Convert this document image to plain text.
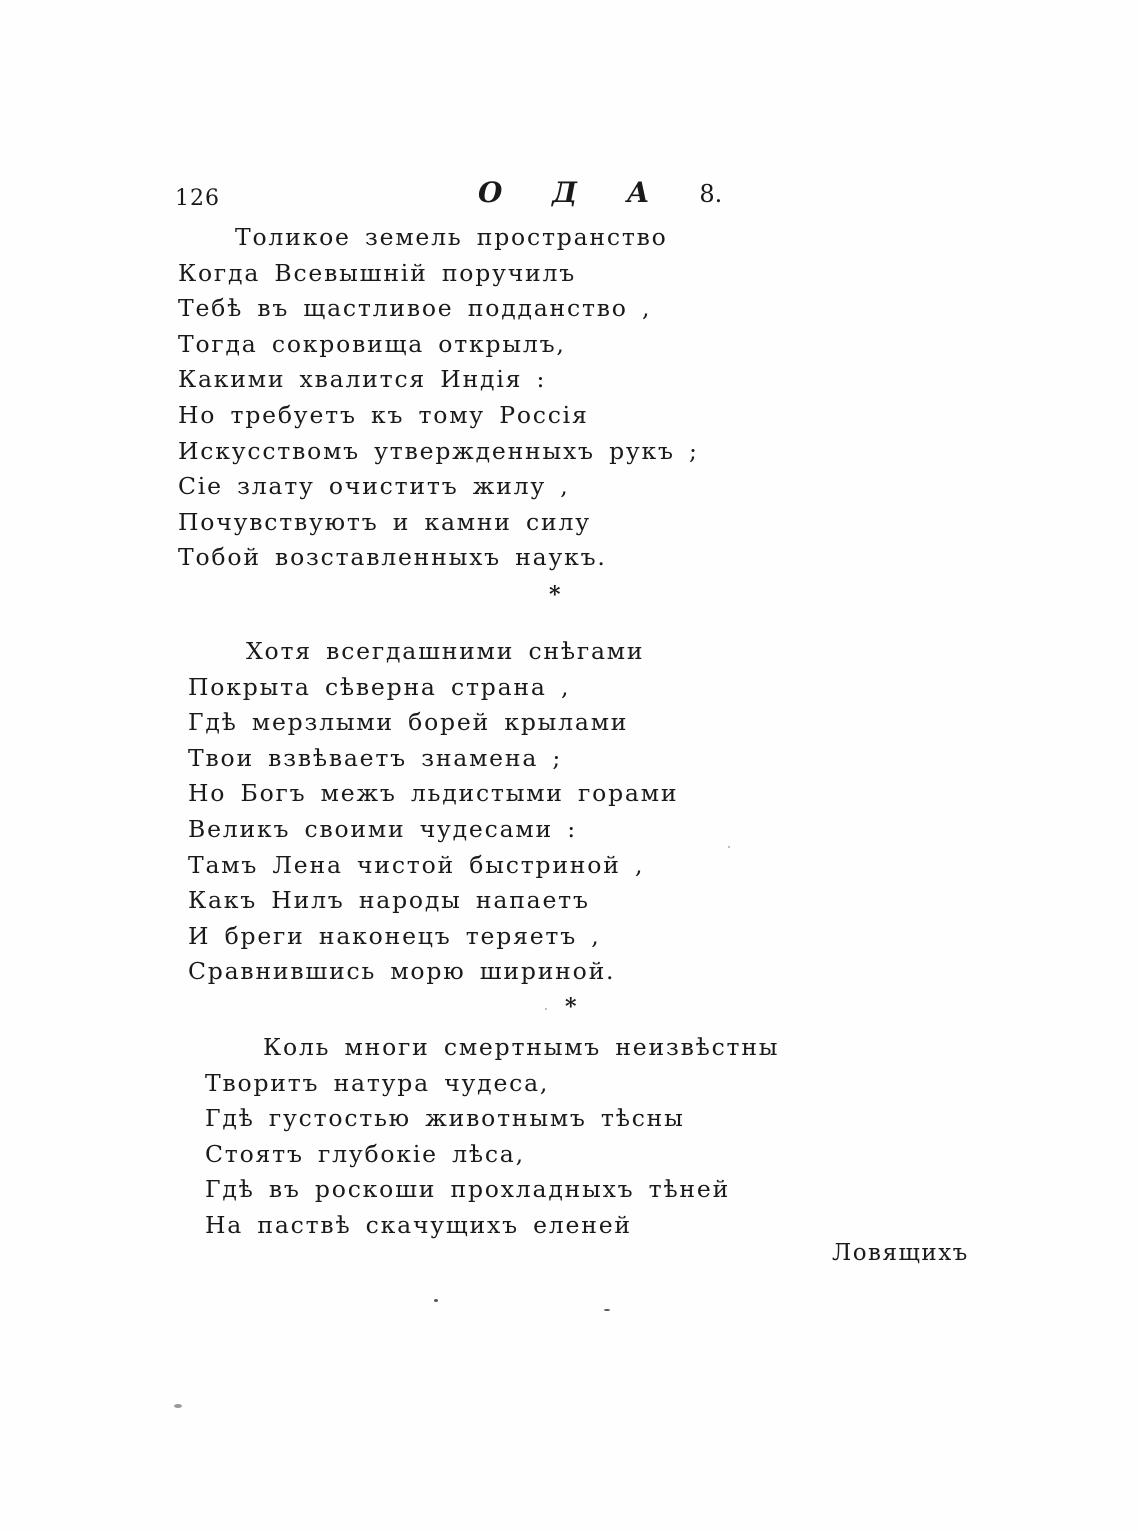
126	О Д А 8.
Толикое земель пространство
Когда Всевышній поручилъ
Тебѣ въ щастливое подданство ,
Тогда сокровища открылъ,
Какими хвалится Индія :
Но требуетъ къ тому Россія
Искусствомъ утвержденныхъ рукъ ;
Сіе злату очиститъ жилу ,
Почувствуютъ и камни силу
Тобой возставленныхъ наукъ.
*
Хотя всегдашними снѣгами
Покрыта сѣверна страна ,
Гдѣ мерзлыми борей крылами
Твои взвѣваетъ знамена ;
Но Богъ межъ льдистыми горами
Великъ своими чудесами :
Тамъ Лена чистой быстриной ,
Какъ Нилъ народы напаетъ
И бреги наконецъ теряетъ ,
Сравнившись морю шириной.
*
Коль многи смертнымъ неизвѣстны
Творитъ натура чудеса,
Гдѣ густостью животнымъ тѣсны
Стоятъ глубокіе лѣса,
Гдѣ въ роскоши прохладныхъ тѣней
На паствѣ скачущихъ еленей
Ловящихъ
